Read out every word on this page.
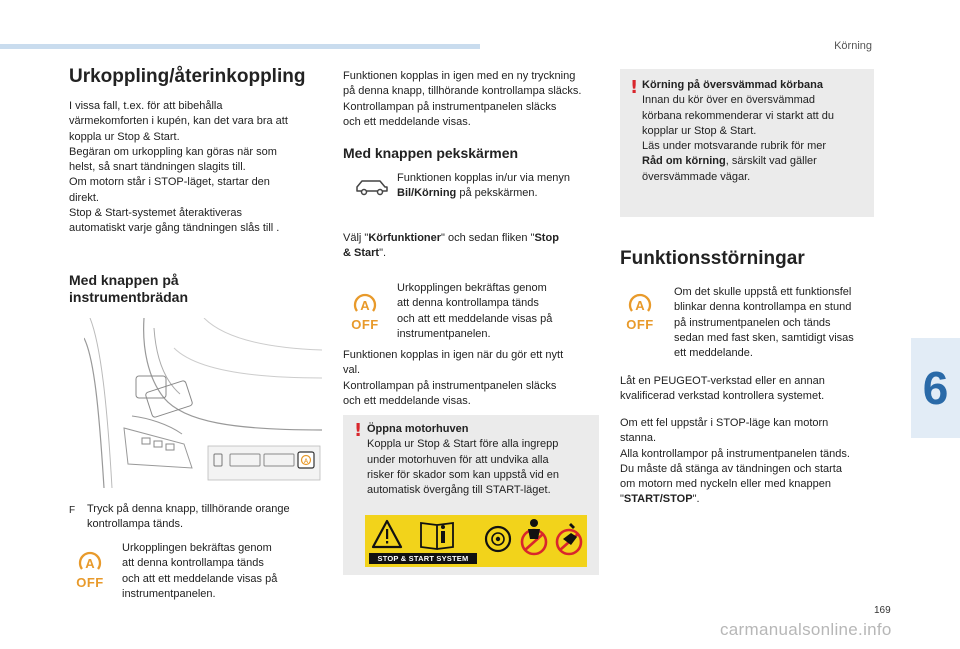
Körning
6
169
carmanualsonline.info
Urkoppling/återinkoppling
I vissa fall, t.ex. för att bibehålla
värmekomforten i kupén, kan det vara bra att
koppla ur Stop & Start.
Begäran om urkoppling kan göras när som
helst, så snart tändningen slagits till.
Om motorn står i STOP-läget, startar den
direkt.
Stop & Start-systemet återaktiveras
automatiskt varje gång tändningen slås till .
Med knappen på
instrumentbrädan
A
F	Tryck på denna knapp, tillhörande orange
kontrollampa tänds.
A
OFF
Urkopplingen bekräftas genom
att denna kontrollampa tänds
och att ett meddelande visas på
instrumentpanelen.
Funktionen kopplas in igen med en ny tryckning
på denna knapp, tillhörande kontrollampa släcks.
Kontrollampan på instrumentpanelen släcks
och ett meddelande visas.
Med knappen pekskärmen
Funktionen kopplas in/ur via menyn
Bil/Körning på pekskärmen.
Välj "Körfunktioner" och sedan fliken "Stop
& Start".
A
OFF
Urkopplingen bekräftas genom
att denna kontrollampa tänds
och att ett meddelande visas på
instrumentpanelen.
Funktionen kopplas in igen när du gör ett nytt
val.
Kontrollampan på instrumentpanelen släcks
och ett meddelande visas.
! Öppna motorhuven
Koppla ur Stop & Start före alla ingrepp
under motorhuven för att undvika alla
risker för skador som kan uppstå vid en
automatisk övergång till START-läget.
STOP & START SYSTEM
! Körning på översvämmad körbana
Innan du kör över en översvämmad
körbana rekommenderar vi starkt att du
kopplar ur Stop & Start.
Läs under motsvarande rubrik för mer
Råd om körning, särskilt vad gäller
översvämmade vägar.
Funktionsstörningar
A
OFF
Om det skulle uppstå ett funktionsfel
blinkar denna kontrollampa en stund
på instrumentpanelen och tänds
sedan med fast sken, samtidigt visas
ett meddelande.
Låt en PEUGEOT-verkstad eller en annan
kvalificerad verkstad kontrollera systemet.
Om ett fel uppstår i STOP-läge kan motorn
stanna.
Alla kontrollampor på instrumentpanelen tänds.
Du måste då stänga av tändningen och starta
om motorn med nyckeln eller med knappen
"START/STOP".
